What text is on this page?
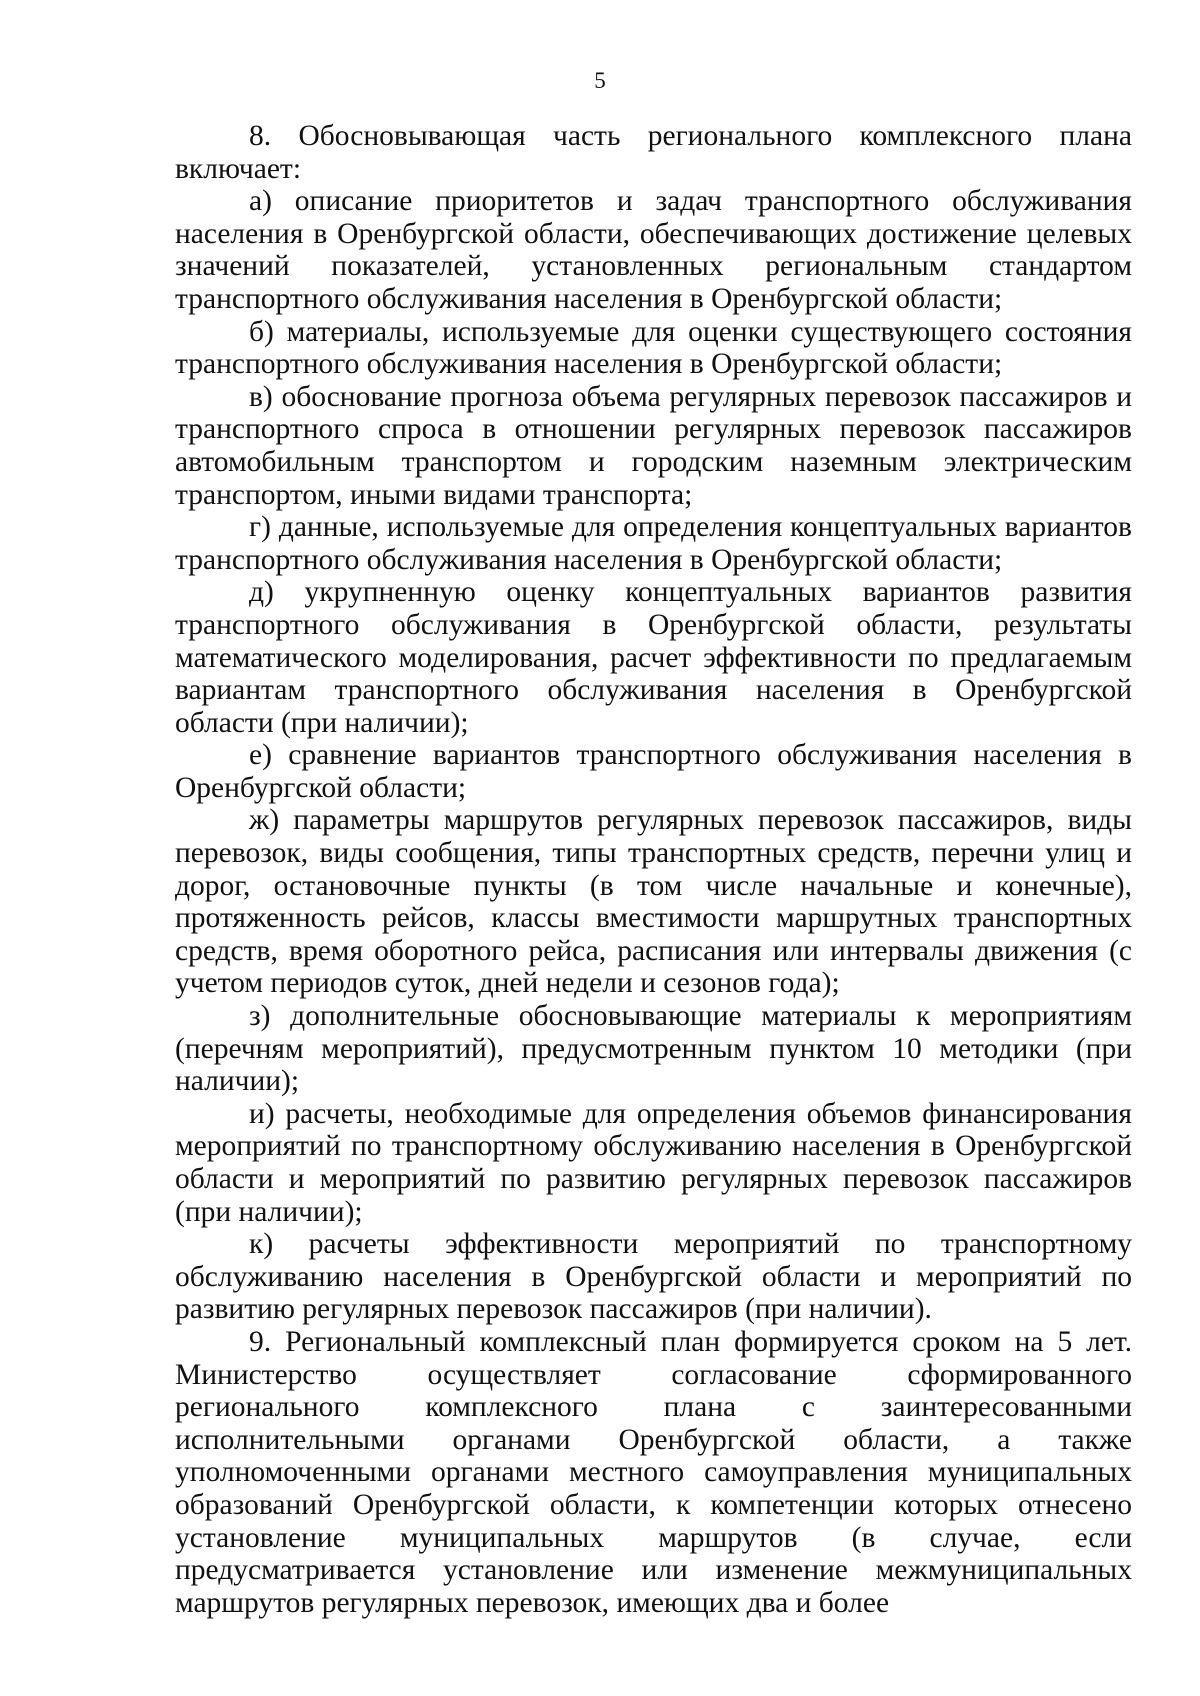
5

8. Обосновывающая часть регионального комплексного плана включает:

а) описание приоритетов и задач транспортного обслуживания населения в Оренбургской области, обеспечивающих достижение целевых значений показателей, установленных региональным стандартом транспортного обслуживания населения в Оренбургской области;

б) материалы, используемые для оценки существующего состояния транспортного обслуживания населения в Оренбургской области;

в) обоснование прогноза объема регулярных перевозок пассажиров и транспортного спроса в отношении регулярных перевозок пассажиров автомобильным транспортом и городским наземным электрическим транспортом, иными видами транспорта;

г) данные, используемые для определения концептуальных вариантов транспортного обслуживания населения в Оренбургской области;

д) укрупненную оценку концептуальных вариантов развития транспортного обслуживания в Оренбургской области, результаты математического моделирования, расчет эффективности по предлагаемым вариантам транспортного обслуживания населения в Оренбургской области (при наличии);

е) сравнение вариантов транспортного обслуживания населения в Оренбургской области;

ж) параметры маршрутов регулярных перевозок пассажиров, виды перевозок, виды сообщения, типы транспортных средств, перечни улиц и дорог, остановочные пункты (в том числе начальные и конечные), протяженность рейсов, классы вместимости маршрутных транспортных средств, время оборотного рейса, расписания или интервалы движения (с учетом периодов суток, дней недели и сезонов года);

з) дополнительные обосновывающие материалы к мероприятиям (перечням мероприятий), предусмотренным пунктом 10 методики (при наличии);

и) расчеты, необходимые для определения объемов финансирования мероприятий по транспортному обслуживанию населения в Оренбургской области и мероприятий по развитию регулярных перевозок пассажиров (при наличии);

к) расчеты эффективности мероприятий по транспортному обслуживанию населения в Оренбургской области и мероприятий по развитию регулярных перевозок пассажиров (при наличии).

9. Региональный комплексный план формируется сроком на 5 лет. Министерство осуществляет согласование сформированного регионального комплексного плана с заинтересованными исполнительными органами Оренбургской области, а также уполномоченными органами местного самоуправления муниципальных образований Оренбургской области, к компетенции которых отнесено установление муниципальных маршрутов (в случае, если предусматривается установление или изменение межмуниципальных маршрутов регулярных перевозок, имеющих два и более
